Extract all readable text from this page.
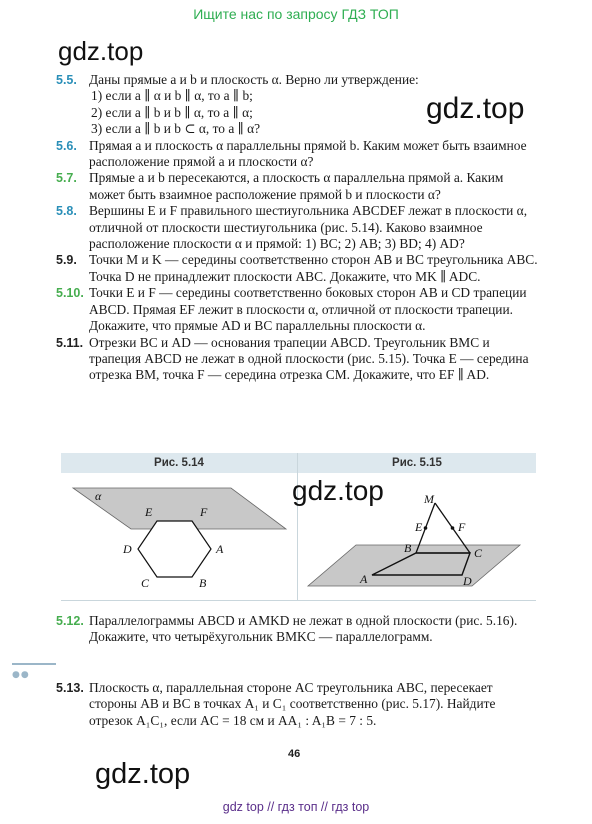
Ищите нас по запросу ГДЗ ТОП
gdz.top
gdz.top
5.5. Даны прямые a и b и плоскость α. Верно ли утверждение:
1) если a ∥ α и b ∥ α, то a ∥ b;
2) если a ∥ b и b ∥ α, то a ∥ α;
3) если a ∥ b и b ⊂ α, то a ∥ α?
5.6. Прямая a и плоскость α параллельны прямой b. Каким может быть взаимное расположение прямой a и плоскости α?
5.7. Прямые a и b пересекаются, а плоскость α параллельна прямой a. Каким может быть взаимное расположение прямой b и плоскости α?
5.8. Вершины E и F правильного шестиугольника ABCDEF лежат в плоскости α, отличной от плоскости шестиугольника (рис. 5.14). Каково взаимное расположение плоскости α и прямой: 1) BC; 2) AB; 3) BD; 4) AD?
5.9. Точки M и K — середины соответственно сторон AB и BC треугольника ABC. Точка D не принадлежит плоскости ABC. Докажите, что MK ∥ ADC.
5.10. Точки E и F — середины соответственно боковых сторон AB и CD трапеции ABCD. Прямая EF лежит в плоскости α, отличной от плоскости трапеции. Докажите, что прямые AD и BC параллельны плоскости α.
5.11. Отрезки BC и AD — основания трапеции ABCD. Треугольник BMC и трапеция ABCD не лежат в одной плоскости (рис. 5.15). Точка E — середина отрезка BM, точка F — середина отрезка CM. Докажите, что EF ∥ AD.
Рис. 5.14	Рис. 5.15
α
E	F
D	A
C	B
M
E	F
B	C
A	D
gdz.top
5.12. Параллелограммы ABCD и AMKD не лежат в одной плоскости (рис. 5.16). Докажите, что четырёхугольник BMKC — параллелограмм.
●●
5.13. Плоскость α, параллельная стороне AC треугольника ABC, пересекает стороны AB и BC в точках A₁ и C₁ соответственно (рис. 5.17). Найдите отрезок A₁C₁, если AC = 18 см и AA₁ : A₁B = 7 : 5.
46
gdz.top
gdz top // гдз топ // гдз top
